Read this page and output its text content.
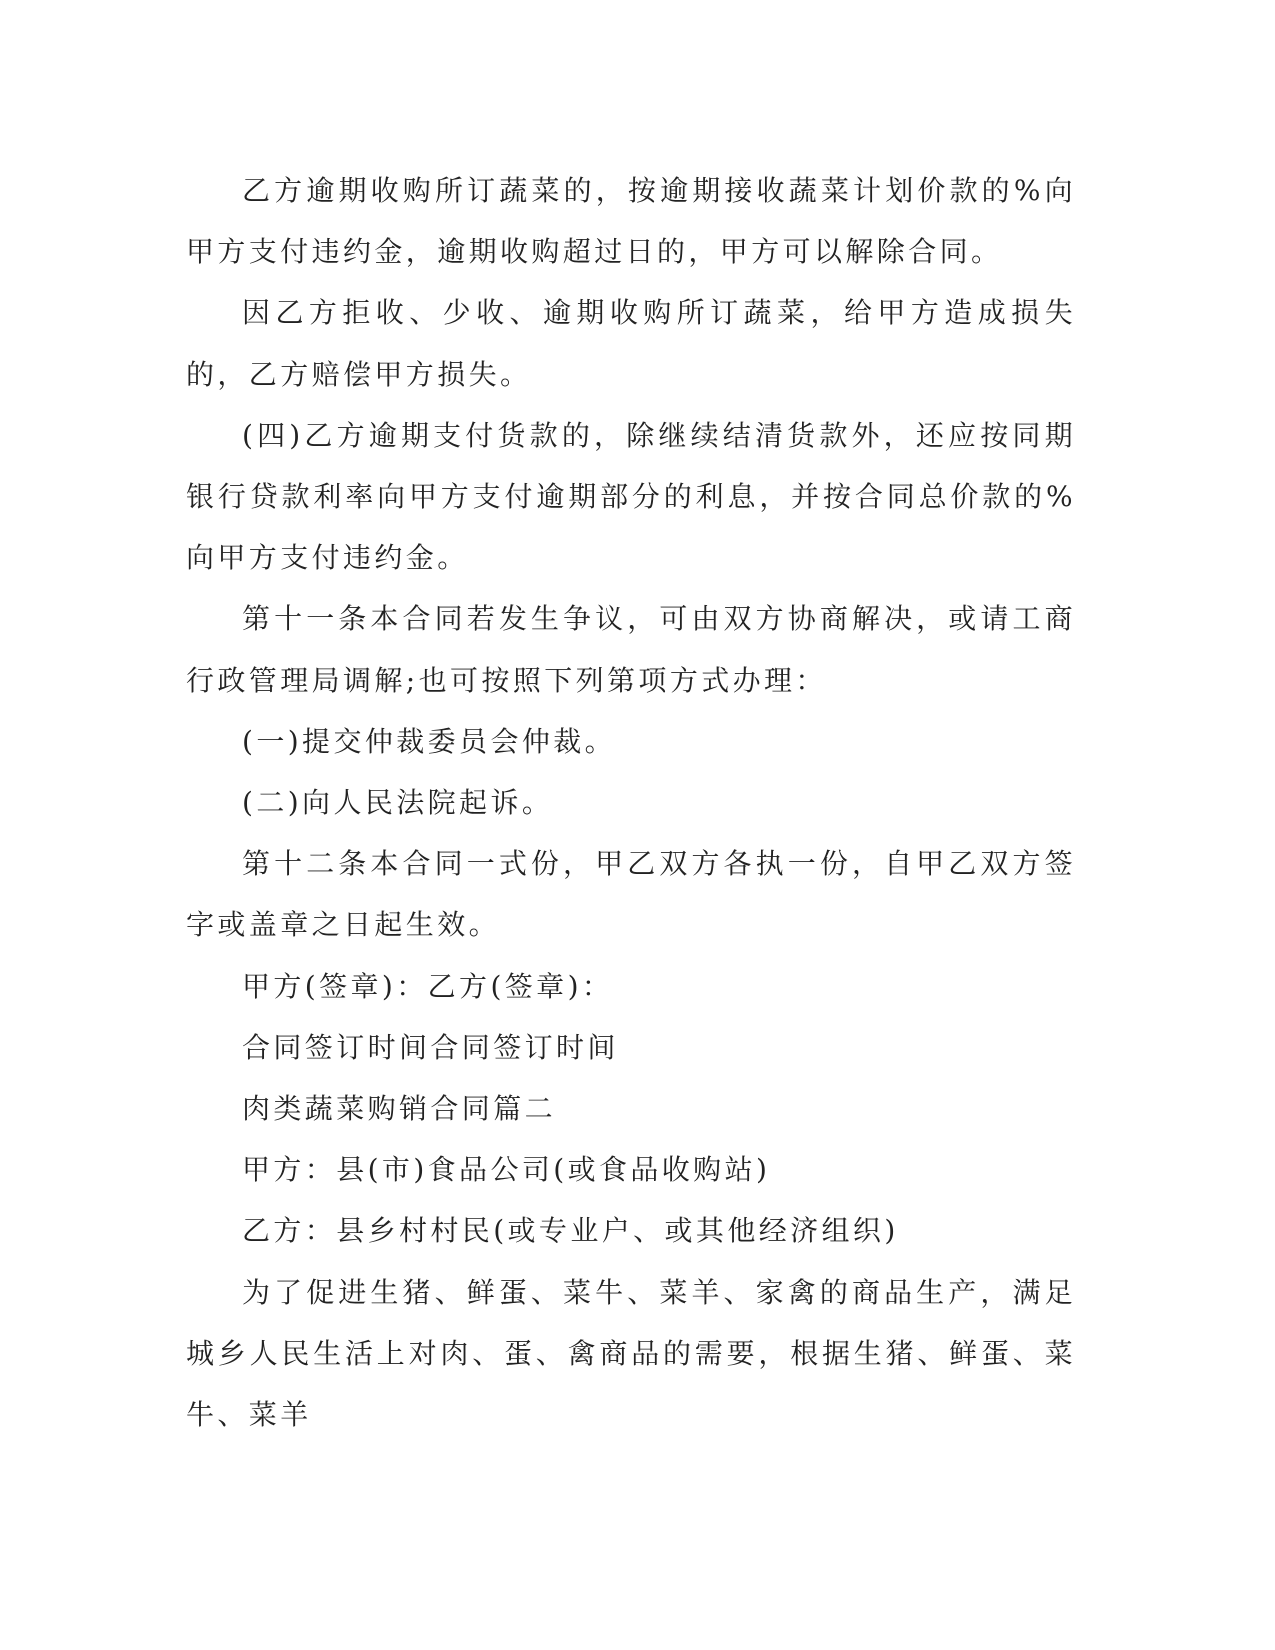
乙方逾期收购所订蔬菜的，按逾期接收蔬菜计划价款的%向甲方支付违约金，逾期收购超过日的，甲方可以解除合同。

因乙方拒收、少收、逾期收购所订蔬菜，给甲方造成损失的，乙方赔偿甲方损失。

(四)乙方逾期支付货款的，除继续结清货款外，还应按同期银行贷款利率向甲方支付逾期部分的利息，并按合同总价款的%向甲方支付违约金。

第十一条本合同若发生争议，可由双方协商解决，或请工商行政管理局调解;也可按照下列第项方式办理：

(一)提交仲裁委员会仲裁。

(二)向人民法院起诉。

第十二条本合同一式份，甲乙双方各执一份，自甲乙双方签字或盖章之日起生效。

甲方(签章)：乙方(签章)：

合同签订时间合同签订时间

肉类蔬菜购销合同篇二

甲方：县(市)食品公司(或食品收购站)

乙方：县乡村村民(或专业户、或其他经济组织)

为了促进生猪、鲜蛋、菜牛、菜羊、家禽的商品生产，满足城乡人民生活上对肉、蛋、禽商品的需要，根据生猪、鲜蛋、菜牛、菜羊
